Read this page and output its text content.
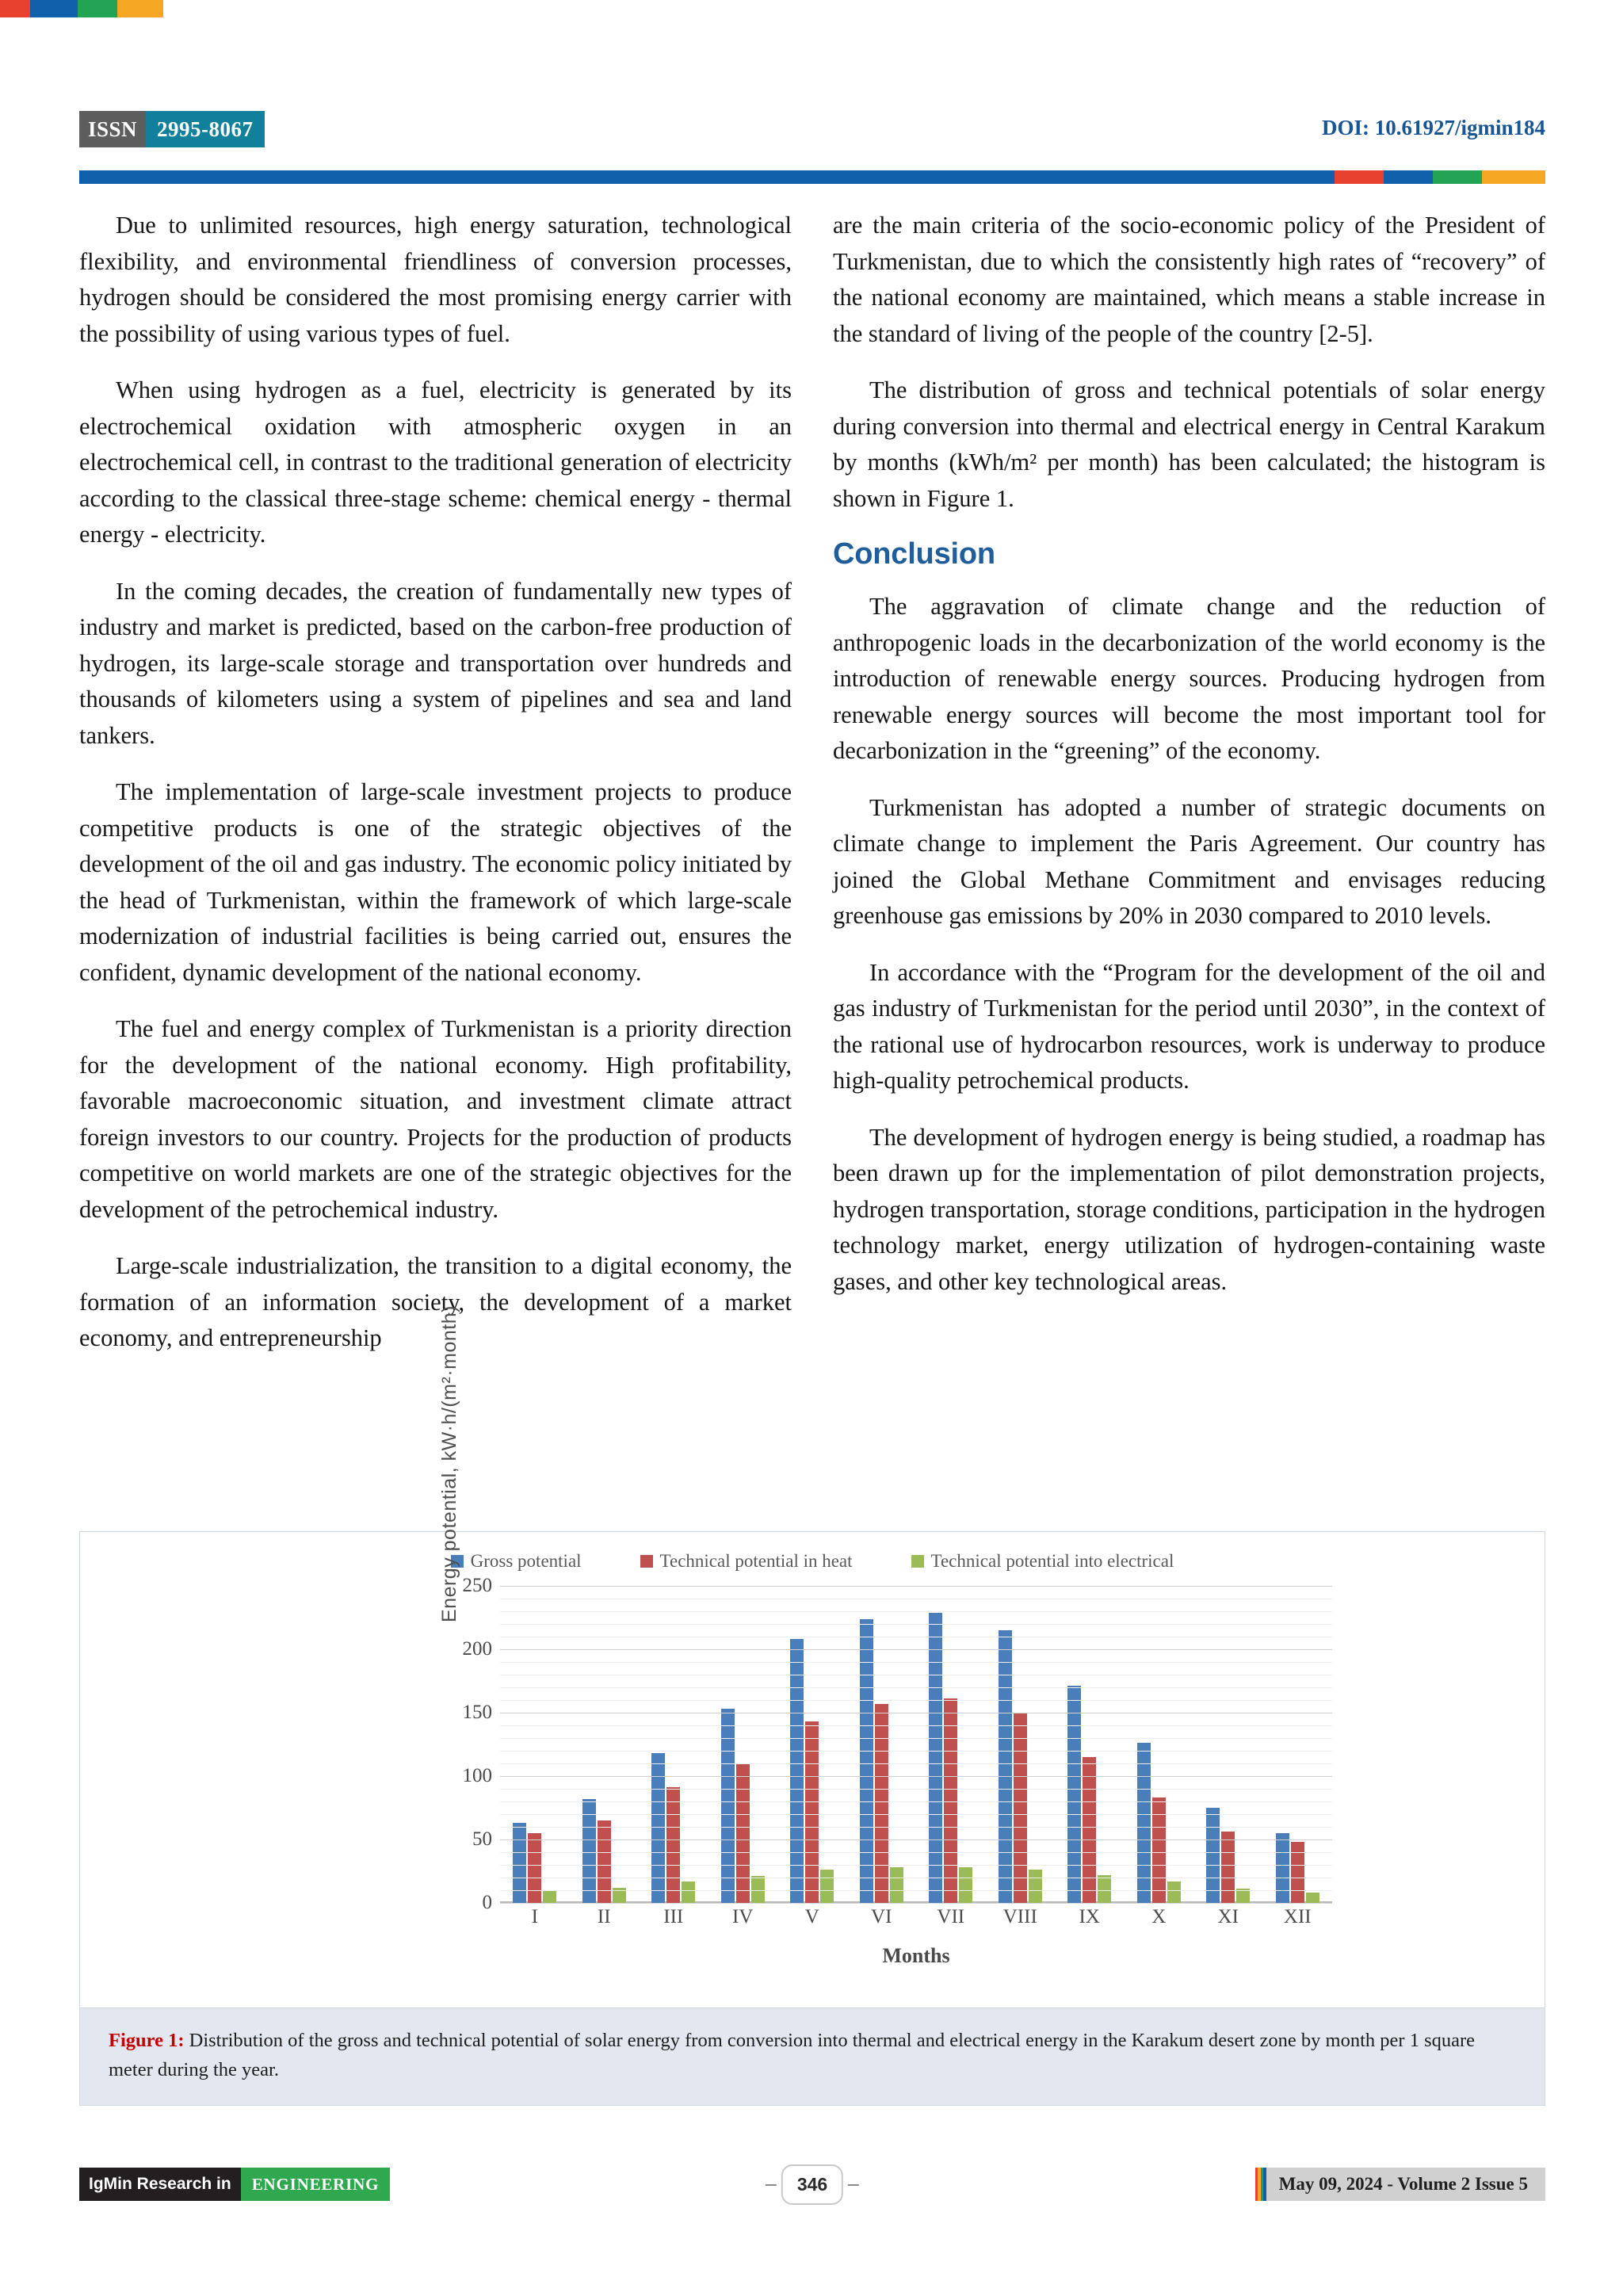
ISSN 2995-8067	DOI: 10.61927/igmin184

Due to unlimited resources, high energy saturation, technological flexibility, and environmental friendliness of conversion processes, hydrogen should be considered the most promising energy carrier with the possibility of using various types of fuel.

When using hydrogen as a fuel, electricity is generated by its electrochemical oxidation with atmospheric oxygen in an electrochemical cell, in contrast to the traditional generation of electricity according to the classical three-stage scheme: chemical energy - thermal energy - electricity.

In the coming decades, the creation of fundamentally new types of industry and market is predicted, based on the carbon-free production of hydrogen, its large-scale storage and transportation over hundreds and thousands of kilometers using a system of pipelines and sea and land tankers.

The implementation of large-scale investment projects to produce competitive products is one of the strategic objectives of the development of the oil and gas industry. The economic policy initiated by the head of Turkmenistan, within the framework of which large-scale modernization of industrial facilities is being carried out, ensures the confident, dynamic development of the national economy.

The fuel and energy complex of Turkmenistan is a priority direction for the development of the national economy. High profitability, favorable macroeconomic situation, and investment climate attract foreign investors to our country. Projects for the production of products competitive on world markets are one of the strategic objectives for the development of the petrochemical industry.

Large-scale industrialization, the transition to a digital economy, the formation of an information society, the development of a market economy, and entrepreneurship

are the main criteria of the socio-economic policy of the President of Turkmenistan, due to which the consistently high rates of “recovery” of the national economy are maintained, which means a stable increase in the standard of living of the people of the country [2-5].

The distribution of gross and technical potentials of solar energy during conversion into thermal and electrical energy in Central Karakum by months (kWh/m² per month) has been calculated; the histogram is shown in Figure 1.

Conclusion

The aggravation of climate change and the reduction of anthropogenic loads in the decarbonization of the world economy is the introduction of renewable energy sources. Producing hydrogen from renewable energy sources will become the most important tool for decarbonization in the “greening” of the economy.

Turkmenistan has adopted a number of strategic documents on climate change to implement the Paris Agreement. Our country has joined the Global Methane Commitment and envisages reducing greenhouse gas emissions by 20% in 2030 compared to 2010 levels.

In accordance with the “Program for the development of the oil and gas industry of Turkmenistan for the period until 2030”, in the context of the rational use of hydrocarbon resources, work is underway to produce high-quality petrochemical products.

The development of hydrogen energy is being studied, a roadmap has been drawn up for the implementation of pilot demonstration projects, hydrogen transportation, storage conditions, participation in the hydrogen technology market, energy utilization of hydrogen-containing waste gases, and other key technological areas.

Gross potential	Technical potential in heat	Technical potential into electrical
Energy potential, kW·h/(m²·month)
0
50
100
150
200
250
I	II	III	IV	V	VI	VII	VIII	IX	X	XI	XII
Months

Figure 1: Distribution of the gross and technical potential of solar energy from conversion into thermal and electrical energy in the Karakum desert zone by month per 1 square meter during the year.

IgMin Research in	ENGINEERING	346	May 09, 2024 - Volume 2 Issue 5
